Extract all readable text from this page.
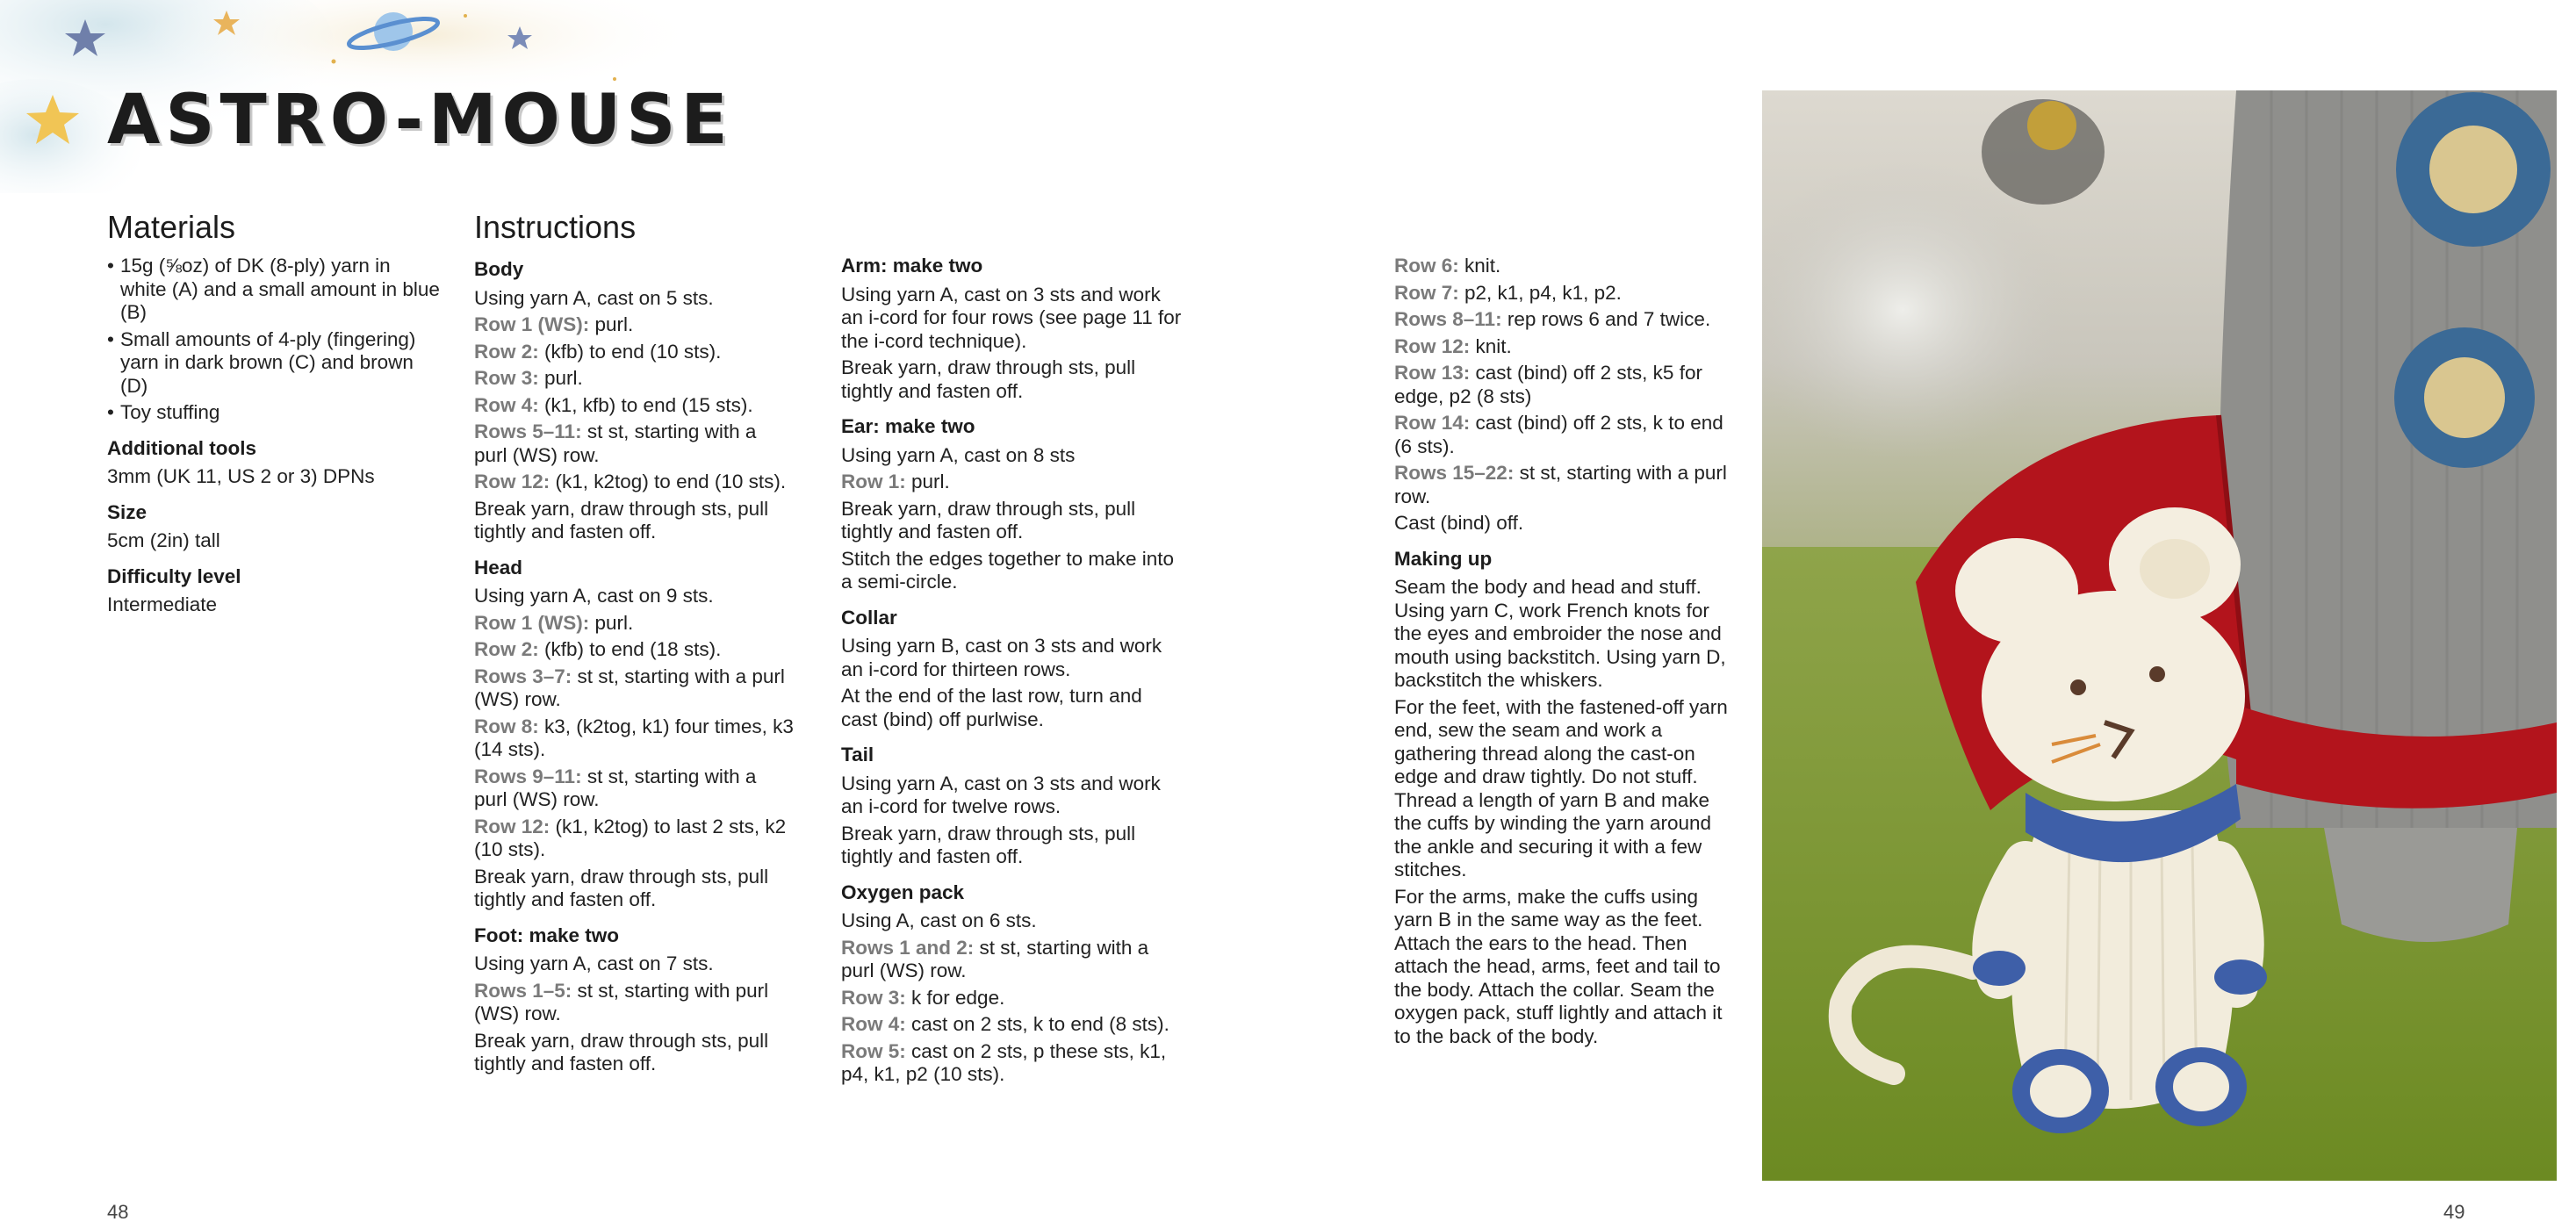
ASTRO-MOUSE
Materials
• 15g (⅝oz) of DK (8-ply) yarn in white (A) and a small amount in blue (B)
• Small amounts of 4-ply (fingering) yarn in dark brown (C) and brown (D)
• Toy stuffing
Additional tools

3mm (UK 11, US 2 or 3) DPNs

Size

5cm (2in) tall

Difficulty level

Intermediate

Instructions
Body

Using yarn A, cast on 5 sts.

Row 1 (WS): purl.

Row 2: (kfb) to end (10 sts).

Row 3: purl.

Row 4: (k1, kfb) to end (15 sts).

Rows 5–11: st st, starting with a purl (WS) row.

Row 12: (k1, k2tog) to end (10 sts).

Break yarn, draw through sts, pull tightly and fasten off.

Head

Using yarn A, cast on 9 sts.

Row 1 (WS): purl.

Row 2: (kfb) to end (18 sts).

Rows 3–7: st st, starting with a purl (WS) row.

Row 8: k3, (k2tog, k1) four times, k3 (14 sts).

Rows 9–11: st st, starting with a purl (WS) row.

Row 12: (k1, k2tog) to last 2 sts, k2 (10 sts).

Break yarn, draw through sts, pull tightly and fasten off.

Foot: make two

Using yarn A, cast on 7 sts.

Rows 1–5: st st, starting with purl (WS) row.

Break yarn, draw through sts, pull tightly and fasten off.

Arm: make two

Using yarn A, cast on 3 sts and work an i-cord for four rows (see page 11 for the i-cord technique).

Break yarn, draw through sts, pull tightly and fasten off.

Ear: make two

Using yarn A, cast on 8 sts

Row 1: purl.

Break yarn, draw through sts, pull tightly and fasten off.

Stitch the edges together to make into a semi-circle.

Collar

Using yarn B, cast on 3 sts and work an i-cord for thirteen rows.

At the end of the last row, turn and cast (bind) off purlwise.

Tail

Using yarn A, cast on 3 sts and work an i-cord for twelve rows.

Break yarn, draw through sts, pull tightly and fasten off.

Oxygen pack

Using A, cast on 6 sts.

Rows 1 and 2: st st, starting with a purl (WS) row.

Row 3: k for edge.

Row 4: cast on 2 sts, k to end (8 sts).

Row 5: cast on 2 sts, p these sts, k1, p4, k1, p2 (10 sts).

Row 6: knit.

Row 7: p2, k1, p4, k1, p2.

Rows 8–11: rep rows 6 and 7 twice.

Row 12: knit.

Row 13: cast (bind) off 2 sts, k5 for edge, p2 (8 sts)

Row 14: cast (bind) off 2 sts, k to end (6 sts).

Rows 15–22: st st, starting with a purl row.

Cast (bind) off.

Making up

Seam the body and head and stuff. Using yarn C, work French knots for the eyes and embroider the nose and mouth using backstitch. Using yarn D, backstitch the whiskers.

For the feet, with the fastened-off yarn end, sew the seam and work a gathering thread along the cast-on edge and draw tightly. Do not stuff. Thread a length of yarn B and make the cuffs by winding the yarn around the ankle and securing it with a few stitches.

For the arms, make the cuffs using yarn B in the same way as the feet. Attach the ears to the head. Then attach the head, arms, feet and tail to the body. Attach the collar. Seam the oxygen pack, stuff lightly and attach it to the back of the body.

48	49
